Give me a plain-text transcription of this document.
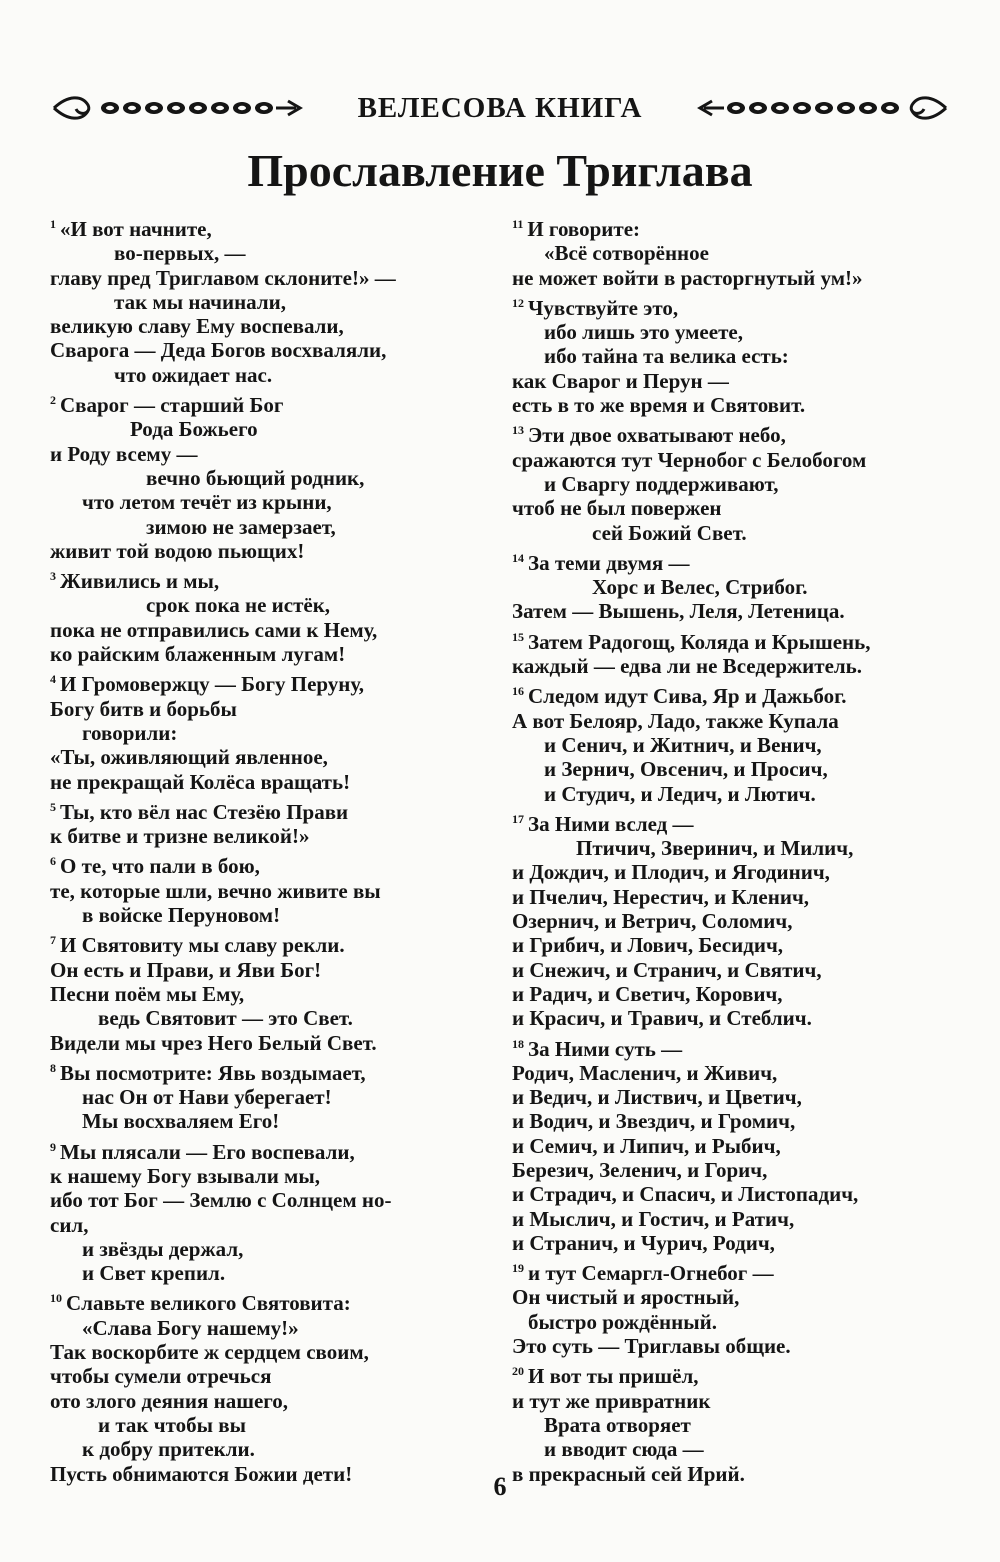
ВЕЛЕСОВА КНИГА
Прославление Триглава
$^1$ «И вот начните,
во-первых, —
главу пред Триглавом склоните!» —
так мы начинали,
великую славу Ему воспевали,
Сварога — Деда Богов восхваляли,
что ожидает нас.
$^2$ Сварог — старший Бог
Рода Божьего
и Роду всему —
вечно бьющий родник,
что летом течёт из крыни,
зимою не замерзает,
живит той водою пьющих!
$^3$ Живились и мы,
срок пока не истёк,
пока не отправились сами к Нему,
ко райским блаженным лугам!
$^4$ И Громовержцу — Богу Перуну,
Богу битв и борьбы
говорили:
«Ты, оживляющий явленное,
не прекращай Колёса вращать!
$^5$ Ты, кто вёл нас Стезёю Прави
к битве и тризне великой!»
$^6$ О те, что пали в бою,
те, которые шли, вечно живите вы
в войске Перуновом!
$^7$ И Святовиту мы славу рекли.
Он есть и Прави, и Яви Бог!
Песни поём мы Ему,
ведь Святовит — это Свет.
Видели мы чрез Него Белый Свет.
$^8$ Вы посмотрите: Явь воздымает,
нас Он от Нави уберегает!
Мы восхваляем Его!
$^9$ Мы плясали — Его воспевали,
к нашему Богу взывали мы,
ибо тот Бог — Землю с Солнцем но-
сил,
и звёзды держал,
и Свет крепил.
$^{10}$ Славьте великого Святовита:
«Слава Богу нашему!»
Так воскорбите ж сердцем своим,
чтобы сумели отречься
ото злого деяния нашего,
и так чтобы вы
к добру притекли.
Пусть обнимаются Божии дети!
$^{11}$ И говорите:
«Всё сотворённое
не может войти в расторгнутый ум!»
$^{12}$ Чувствуйте это,
ибо лишь это умеете,
ибо тайна та велика есть:
как Сварог и Перун —
есть в то же время и Святовит.
$^{13}$ Эти двое охватывают небо,
сражаются тут Чернобог с Белобогом
и Сваргу поддерживают,
чтоб не был повержен
сей Божий Свет.
$^{14}$ За теми двумя —
Хорс и Велес, Стрибог.
Затем — Вышень, Леля, Летеница.
$^{15}$ Затем Радогощ, Коляда и Крышень,
каждый — едва ли не Вседержитель.
$^{16}$ Следом идут Сива, Яр и Дажьбог.
А вот Белояр, Ладо, также Купала
и Сенич, и Житнич, и Венич,
и Зернич, Овсенич, и Просич,
и Студич, и Ледич, и Лютич.
$^{17}$ За Ними вслед —
Птичич, Зверинич, и Милич,
и Дождич, и Плодич, и Ягодинич,
и Пчелич, Нерестич, и Кленич,
Озернич, и Ветрич, Соломич,
и Грибич, и Лович, Бесидич,
и Снежич, и Странич, и Святич,
и Радич, и Светич, Корович,
и Красич, и Травич, и Стеблич.
$^{18}$ За Ними суть —
Родич, Масленич, и Живич,
и Ведич, и Листвич, и Цветич,
и Водич, и Звездич, и Громич,
и Семич, и Липич, и Рыбич,
Березич, Зеленич, и Горич,
и Страдич, и Спасич, и Листопадич,
и Мыслич, и Гостич, и Ратич,
и Странич, и Чурич, Родич,
$^{19}$ и тут Семаргл-Огнебог —
Он чистый и яростный,
быстро рождённый.
Это суть — Триглавы общие.
$^{20}$ И вот ты пришёл,
и тут же привратник
Врата отворяет
и вводит сюда —
в прекрасный сей Ирий.
6
